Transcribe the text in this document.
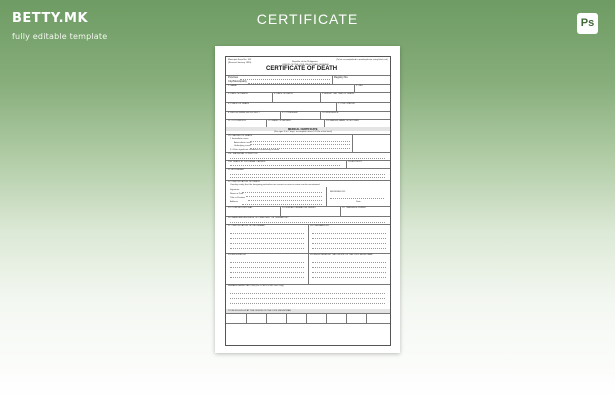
BETTY.MK
fully editable template
CERTIFICATE	Ps
Municipal Form No. 103
(Revised January 1993)
(To be accomplished in quadruplicate using black ink)
Republic of the Philippines
OFFICE OF THE CIVIL REGISTRAR GENERAL
CERTIFICATE OF DEATH
Province	Registry No.
City/Municipality
1. NAME	2. SEX
3. DATE OF DEATH	4. DATE OF BIRTH	5. AGE AT THE TIME OF DEATH
6. PLACE OF DEATH	7. CIVIL STATUS
8. RELIGION/RELIGIOUS SECT	9. CITIZENSHIP	10. RESIDENCE
11. OCCUPATION	12. NAME OF FATHER	13. MAIDEN NAME OF MOTHER
MEDICAL CERTIFICATE
(For ages 0 to 7 days, accomplish items 14-19a at the back)
19. CAUSES OF DEATH
I. Immediate cause
Antecedent cause
Underlying cause
II. Other significant conditions contributing to death
19c. MATERNAL CONDITION
19d. DEATH BY EXTERNAL CAUSES	20. AUTOPSY
21. ATTENDANT
22. CERTIFICATION OF DEATH
I hereby certify that the foregoing particulars are correct as near as same can be ascertained
Signature
Name in Print
Title or Position
Address
REVIEWED BY:
Date
23. CORPSE DISPOSAL	24. BURIAL/CREMATION PERMIT	25. TRANSFER PERMIT
26. NAME AND ADDRESS OF CEMETERY OR CREMATORY
27. CERTIFICATION OF INFORMANT	28. PREPARED BY
29. RECEIVED BY	30. REGISTERED AT THE OFFICE OF THE CIVIL REGISTRAR
REMARKS/ANNOTATIONS (For LCRO/OCRG Use Only)
TO BE FILLED-UP AT THE OFFICE OF THE CIVIL REGISTRAR
